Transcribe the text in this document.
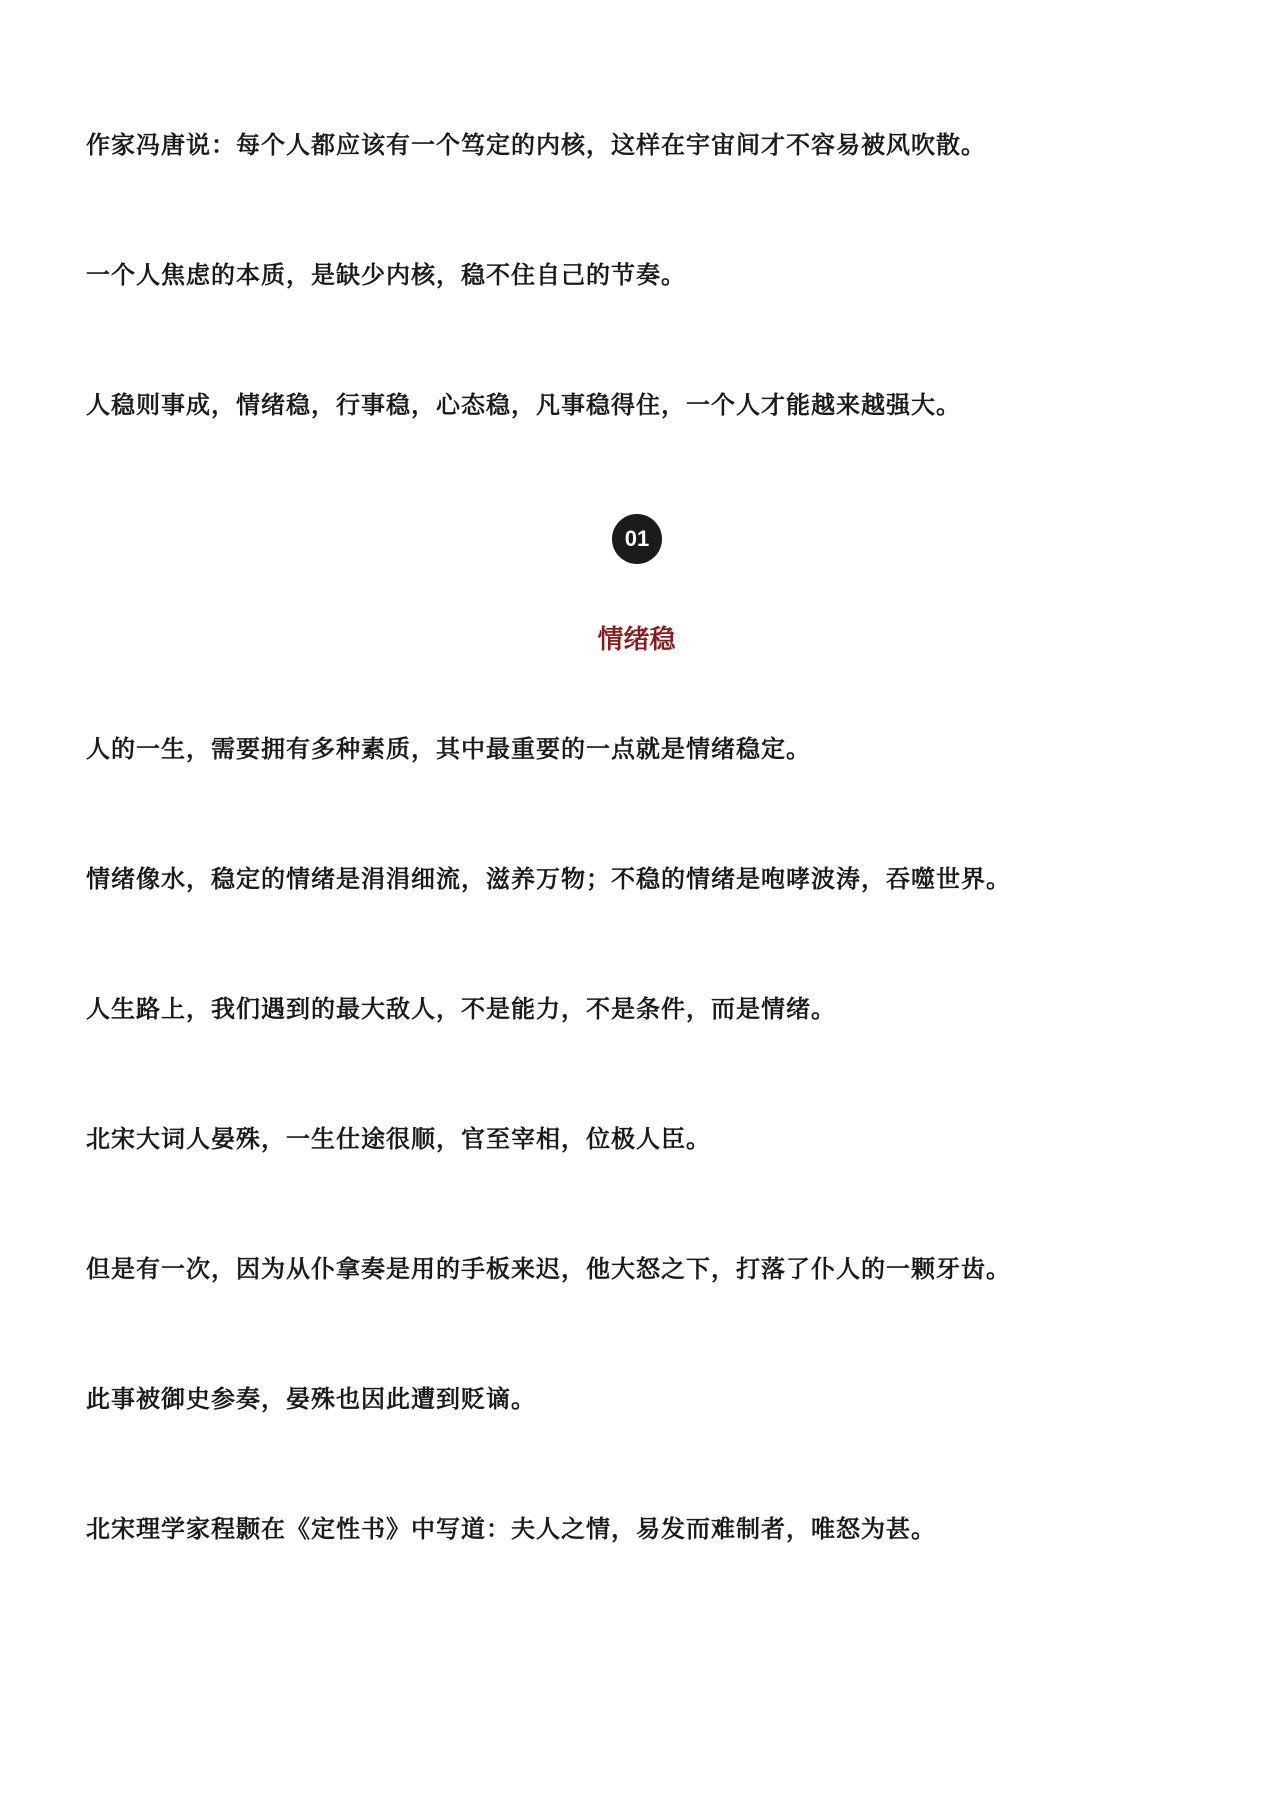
作家冯唐说：每个人都应该有一个笃定的内核，这样在宇宙间才不容易被风吹散。

一个人焦虑的本质，是缺少内核，稳不住自己的节奏。

人稳则事成，情绪稳，行事稳，心态稳，凡事稳得住，一个人才能越来越强大。

01
情绪稳

人的一生，需要拥有多种素质，其中最重要的一点就是情绪稳定。

情绪像水，稳定的情绪是涓涓细流，滋养万物；不稳的情绪是咆哮波涛，吞噬世界。

人生路上，我们遇到的最大敌人，不是能力，不是条件，而是情绪。

北宋大词人晏殊，一生仕途很顺，官至宰相，位极人臣。

但是有一次，因为从仆拿奏是用的手板来迟，他大怒之下，打落了仆人的一颗牙齿。

此事被御史参奏，晏殊也因此遭到贬谪。

北宋理学家程颢在《定性书》中写道：夫人之情，易发而难制者，唯怒为甚。
